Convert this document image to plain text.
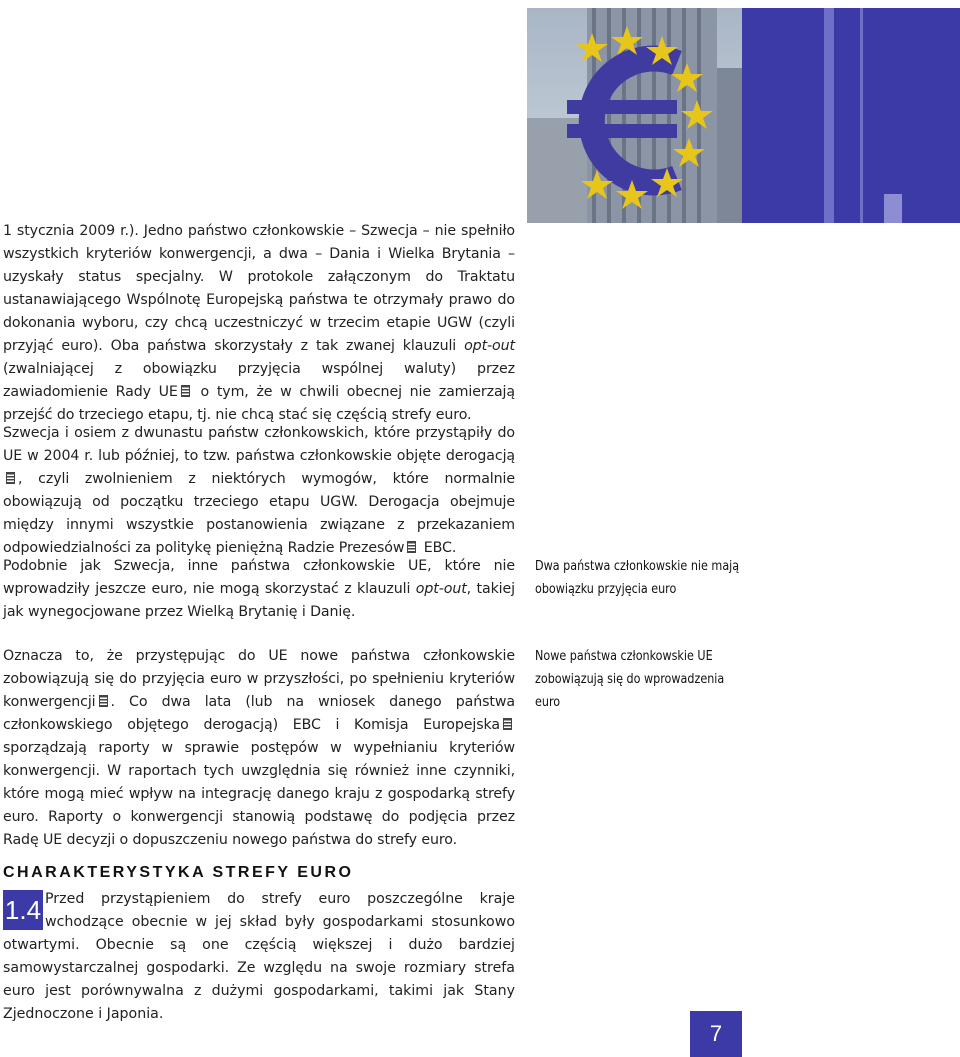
1 stycznia 2009 r.). Jedno państwo członkowskie – Szwecja – nie spełniło wszystkich kryteriów konwergencji, a dwa – Dania i Wielka Brytania – uzyskały status specjalny. W protokole załączonym do Traktatu ustanawiającego Wspólnotę Europejską państwa te otrzymały prawo do dokonania wyboru, czy chcą uczestniczyć w trzecim etapie UGW (czyli przyjąć euro). Oba państwa skorzystały z tak zwanej klauzuli opt-out (zwalniającej z obowiązku przyjęcia wspólnej waluty) przez zawiadomienie Rady UE o tym, że w chwili obecnej nie zamierzają przejść do trzeciego etapu, tj. nie chcą stać się częścią strefy euro.

Szwecja i osiem z dwunastu państw członkowskich, które przystąpiły do UE w 2004 r. lub później, to tzw. państwa członkowskie objęte derogacją, czyli zwolnieniem z niektórych wymogów, które normalnie obowiązują od początku trzeciego etapu UGW. Derogacja obejmuje między innymi wszystkie postanowienia związane z przekazaniem odpowiedzialności za politykę pieniężną Radzie Prezesów EBC.

Podobnie jak Szwecja, inne państwa członkowskie UE, które nie wprowadziły jeszcze euro, nie mogą skorzystać z klauzuli opt-out, takiej jak wynegocjowane przez Wielką Brytanię i Danię.

Oznacza to, że przystępując do UE nowe państwa członkowskie zobowiązują się do przyjęcia euro w przyszłości, po spełnieniu kryteriów konwergencji . Co dwa lata (lub na wniosek danego państwa członkowskiego objętego derogacją) EBC i Komisja Europejska sporządzają raporty w sprawie postępów w wypełnianiu kryteriów konwergencji. W raportach tych uwzględnia się również inne czynniki, które mogą mieć wpływ na integrację danego kraju z gospodarką strefy euro. Raporty o konwergencji stanowią podstawę do podjęcia przez Radę UE decyzji o dopuszczeniu nowego państwa do strefy euro.

Dwa państwa członkowskie nie mają obowiązku przyjęcia euro
Nowe państwa członkowskie UE zobowiązują się do wprowadzenia euro
CHARAKTERYSTYKA STREFY EURO
1.4 Przed przystąpieniem do strefy euro poszczególne kraje wchodzące obecnie w jej skład były gospodarkami stosunkowo otwartymi. Obecnie są one częścią większej i dużo bardziej samowystarczalnej gospodarki. Ze względu na swoje rozmiary strefa euro jest porównywalna z dużymi gospodarkami, takimi jak Stany Zjednoczone i Japonia.
7
